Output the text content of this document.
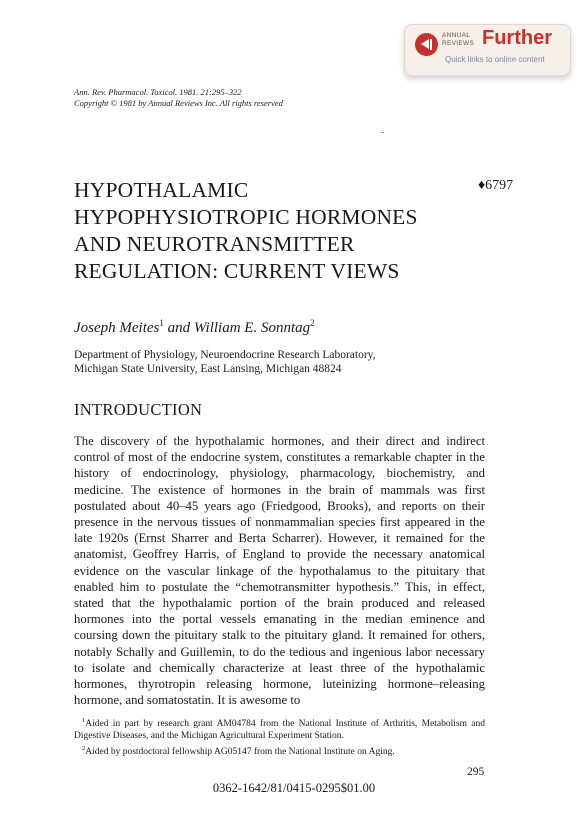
ANNUAL
REVIEWS Further
Quick links to online content
Ann. Rev. Pharmacol. Toxicol. 1981. 21:295–322
Copyright © 1981 by Annual Reviews Inc. All rights reserved
HYPOTHALAMIC
HYPOPHYSIOTROPIC HORMONES
AND NEUROTRANSMITTER
REGULATION: CURRENT VIEWS
♦6797
Joseph Meites$^1$ and William E. Sonntag$^2$
Department of Physiology, Neuroendocrine Research Laboratory,
Michigan State University, East Lansing, Michigan 48824
INTRODUCTION

The discovery of the hypothalamic hormones, and their direct and indirect control of most of the endocrine system, constitutes a remarkable chapter in the history of endocrinology, physiology, pharmacology, biochemistry, and medicine. The existence of hormones in the brain of mammals was first postulated about 40–45 years ago (Friedgood, Brooks), and reports on their presence in the nervous tissues of nonmammalian species first appeared in the late 1920s (Ernst Sharrer and Berta Scharrer). However, it remained for the anatomist, Geoffrey Harris, of England to provide the necessary anatomical evidence on the vascular linkage of the hypothalamus to the pituitary that enabled him to postulate the “chemotransmitter hypothesis.” This, in effect, stated that the hypothalamic portion of the brain produced and released hormones into the portal vessels emanating in the median eminence and coursing down the pituitary stalk to the pituitary gland. It remained for others, notably Schally and Guillemin, to do the tedious and ingenious labor necessary to isolate and chemically characterize at least three of the hypothalamic hormones, thyrotropin releasing hormone, luteinizing hormone–releasing hormone, and somatostatin. It is awesome to

$^1$Aided in part by research grant AM04784 from the National Institute of Arthritis, Metabolism and Digestive Diseases, and the Michigan Agricultural Experiment Station.

$^2$Aided by postdoctoral fellowship AG05147 from the National Institute on Aging.

295
0362-1642/81/0415-0295$01.00
